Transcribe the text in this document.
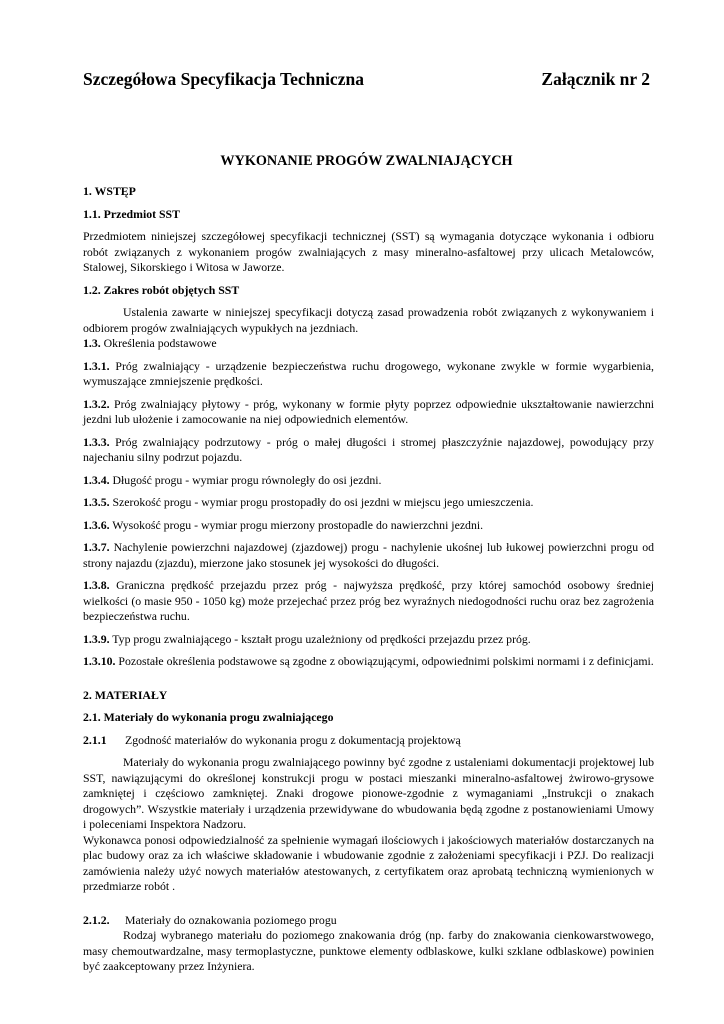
Szczegółowa Specyfikacja Techniczna	Załącznik nr 2
WYKONANIE PROGÓW ZWALNIAJĄCYCH

1. WSTĘP

1.1. Przedmiot SST

Przedmiotem niniejszej szczegółowej specyfikacji technicznej (SST) są wymagania dotyczące wykonania i odbioru robót związanych z wykonaniem progów zwalniających z masy mineralno-asfaltowej przy ulicach Metalowców, Stalowej, Sikorskiego i Witosa w Jaworze.

1.2. Zakres robót objętych SST

Ustalenia zawarte w niniejszej specyfikacji dotyczą zasad prowadzenia robót związanych z wykonywaniem i odbiorem progów zwalniających wypukłych na jezdniach.

1.3. Określenia podstawowe

1.3.1. Próg zwalniający - urządzenie bezpieczeństwa ruchu drogowego, wykonane zwykle w formie wygarbienia, wymuszające zmniejszenie prędkości.

1.3.2. Próg zwalniający płytowy - próg, wykonany w formie płyty poprzez odpowiednie ukształtowanie nawierzchni jezdni lub ułożenie i zamocowanie na niej odpowiednich elementów.

1.3.3. Próg zwalniający podrzutowy - próg o małej długości i stromej płaszczyźnie najazdowej, powodujący przy najechaniu silny podrzut pojazdu.

1.3.4. Długość progu - wymiar progu równoległy do osi jezdni.

1.3.5. Szerokość progu - wymiar progu prostopadły do osi jezdni w miejscu jego umieszczenia.

1.3.6. Wysokość progu - wymiar progu mierzony prostopadle do nawierzchni jezdni.

1.3.7. Nachylenie powierzchni najazdowej (zjazdowej) progu - nachylenie ukośnej lub łukowej powierzchni progu od strony najazdu (zjazdu), mierzone jako stosunek jej wysokości do długości.

1.3.8. Graniczna prędkość przejazdu przez próg - najwyższa prędkość, przy której samochód osobowy średniej wielkości (o masie 950 - 1050 kg) może przejechać przez próg bez wyraźnych niedogodności ruchu oraz bez zagrożenia bezpieczeństwa ruchu.

1.3.9. Typ progu zwalniającego - kształt progu uzależniony od prędkości przejazdu przez próg.

1.3.10. Pozostałe określenia podstawowe są zgodne z obowiązującymi, odpowiednimi polskimi normami i z definicjami.

2. MATERIAŁY

2.1. Materiały do wykonania progu zwalniającego

2.1.1 Zgodność materiałów do wykonania progu z dokumentacją projektową

Materiały do wykonania progu zwalniającego powinny być zgodne z ustaleniami dokumentacji projektowej lub SST, nawiązującymi do określonej konstrukcji progu w postaci mieszanki mineralno-asfaltowej żwirowo-grysowe zamkniętej i częściowo zamkniętej. Znaki drogowe pionowe-zgodnie z wymaganiami „Instrukcji o znakach drogowych”. Wszystkie materiały i urządzenia przewidywane do wbudowania będą zgodne z postanowieniami Umowy i poleceniami Inspektora Nadzoru.

Wykonawca ponosi odpowiedzialność za spełnienie wymagań ilościowych i jakościowych materiałów dostarczanych na plac budowy oraz za ich właściwe składowanie i wbudowanie zgodnie z założeniami specyfikacji i PZJ. Do realizacji zamówienia należy użyć nowych materiałów atestowanych, z certyfikatem oraz aprobatą techniczną wymienionych w przedmiarze robót .

2.1.2. Materiały do oznakowania poziomego progu

Rodzaj wybranego materiału do poziomego znakowania dróg (np. farby do znakowania cienkowarstwowego, masy chemoutwardzalne, masy termoplastyczne, punktowe elementy odblaskowe, kulki szklane odblaskowe) powinien być zaakceptowany przez Inżyniera.
